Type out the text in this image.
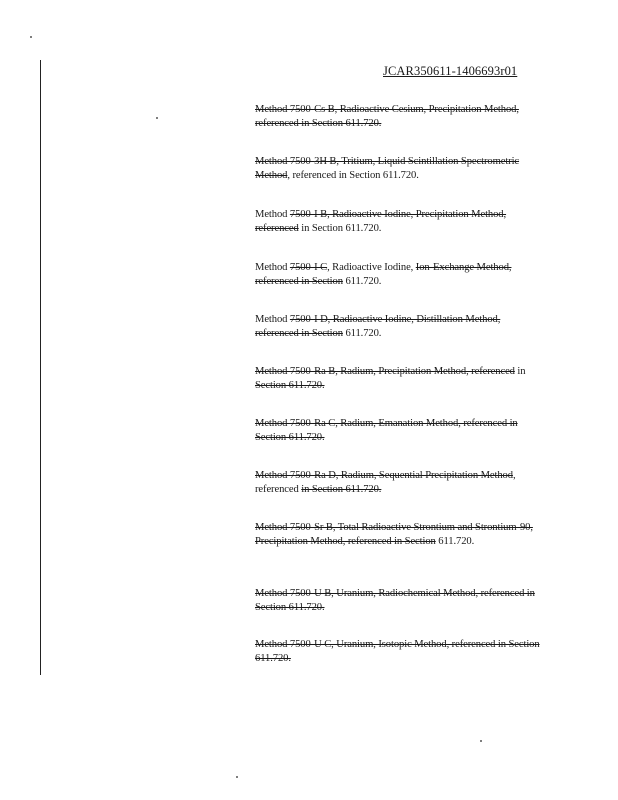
JCAR350611-1406693r01
Method 7500-Cs B, Radioactive Cesium, Precipitation Method, referenced in Section 611.720.
Method 7500-3H B, Tritium, Liquid Scintillation Spectrometric Method, referenced in Section 611.720.
Method 7500-I B, Radioactive Iodine, Precipitation Method, referenced in Section 611.720.
Method 7500-I C, Radioactive Iodine, Ion-Exchange Method, referenced in Section 611.720.
Method 7500-I D, Radioactive Iodine, Distillation Method, referenced in Section 611.720.
Method 7500-Ra B, Radium, Precipitation Method, referenced in Section 611.720.
Method 7500-Ra C, Radium, Emanation Method, referenced in Section 611.720.
Method 7500-Ra D, Radium, Sequential Precipitation Method, referenced in Section 611.720.
Method 7500-Sr B, Total Radioactive Strontium and Strontium-90, Precipitation Method, referenced in Section 611.720.
Method 7500-U B, Uranium, Radiochemical Method, referenced in Section 611.720.
Method 7500-U C, Uranium, Isotopic Method, referenced in Section 611.720.
